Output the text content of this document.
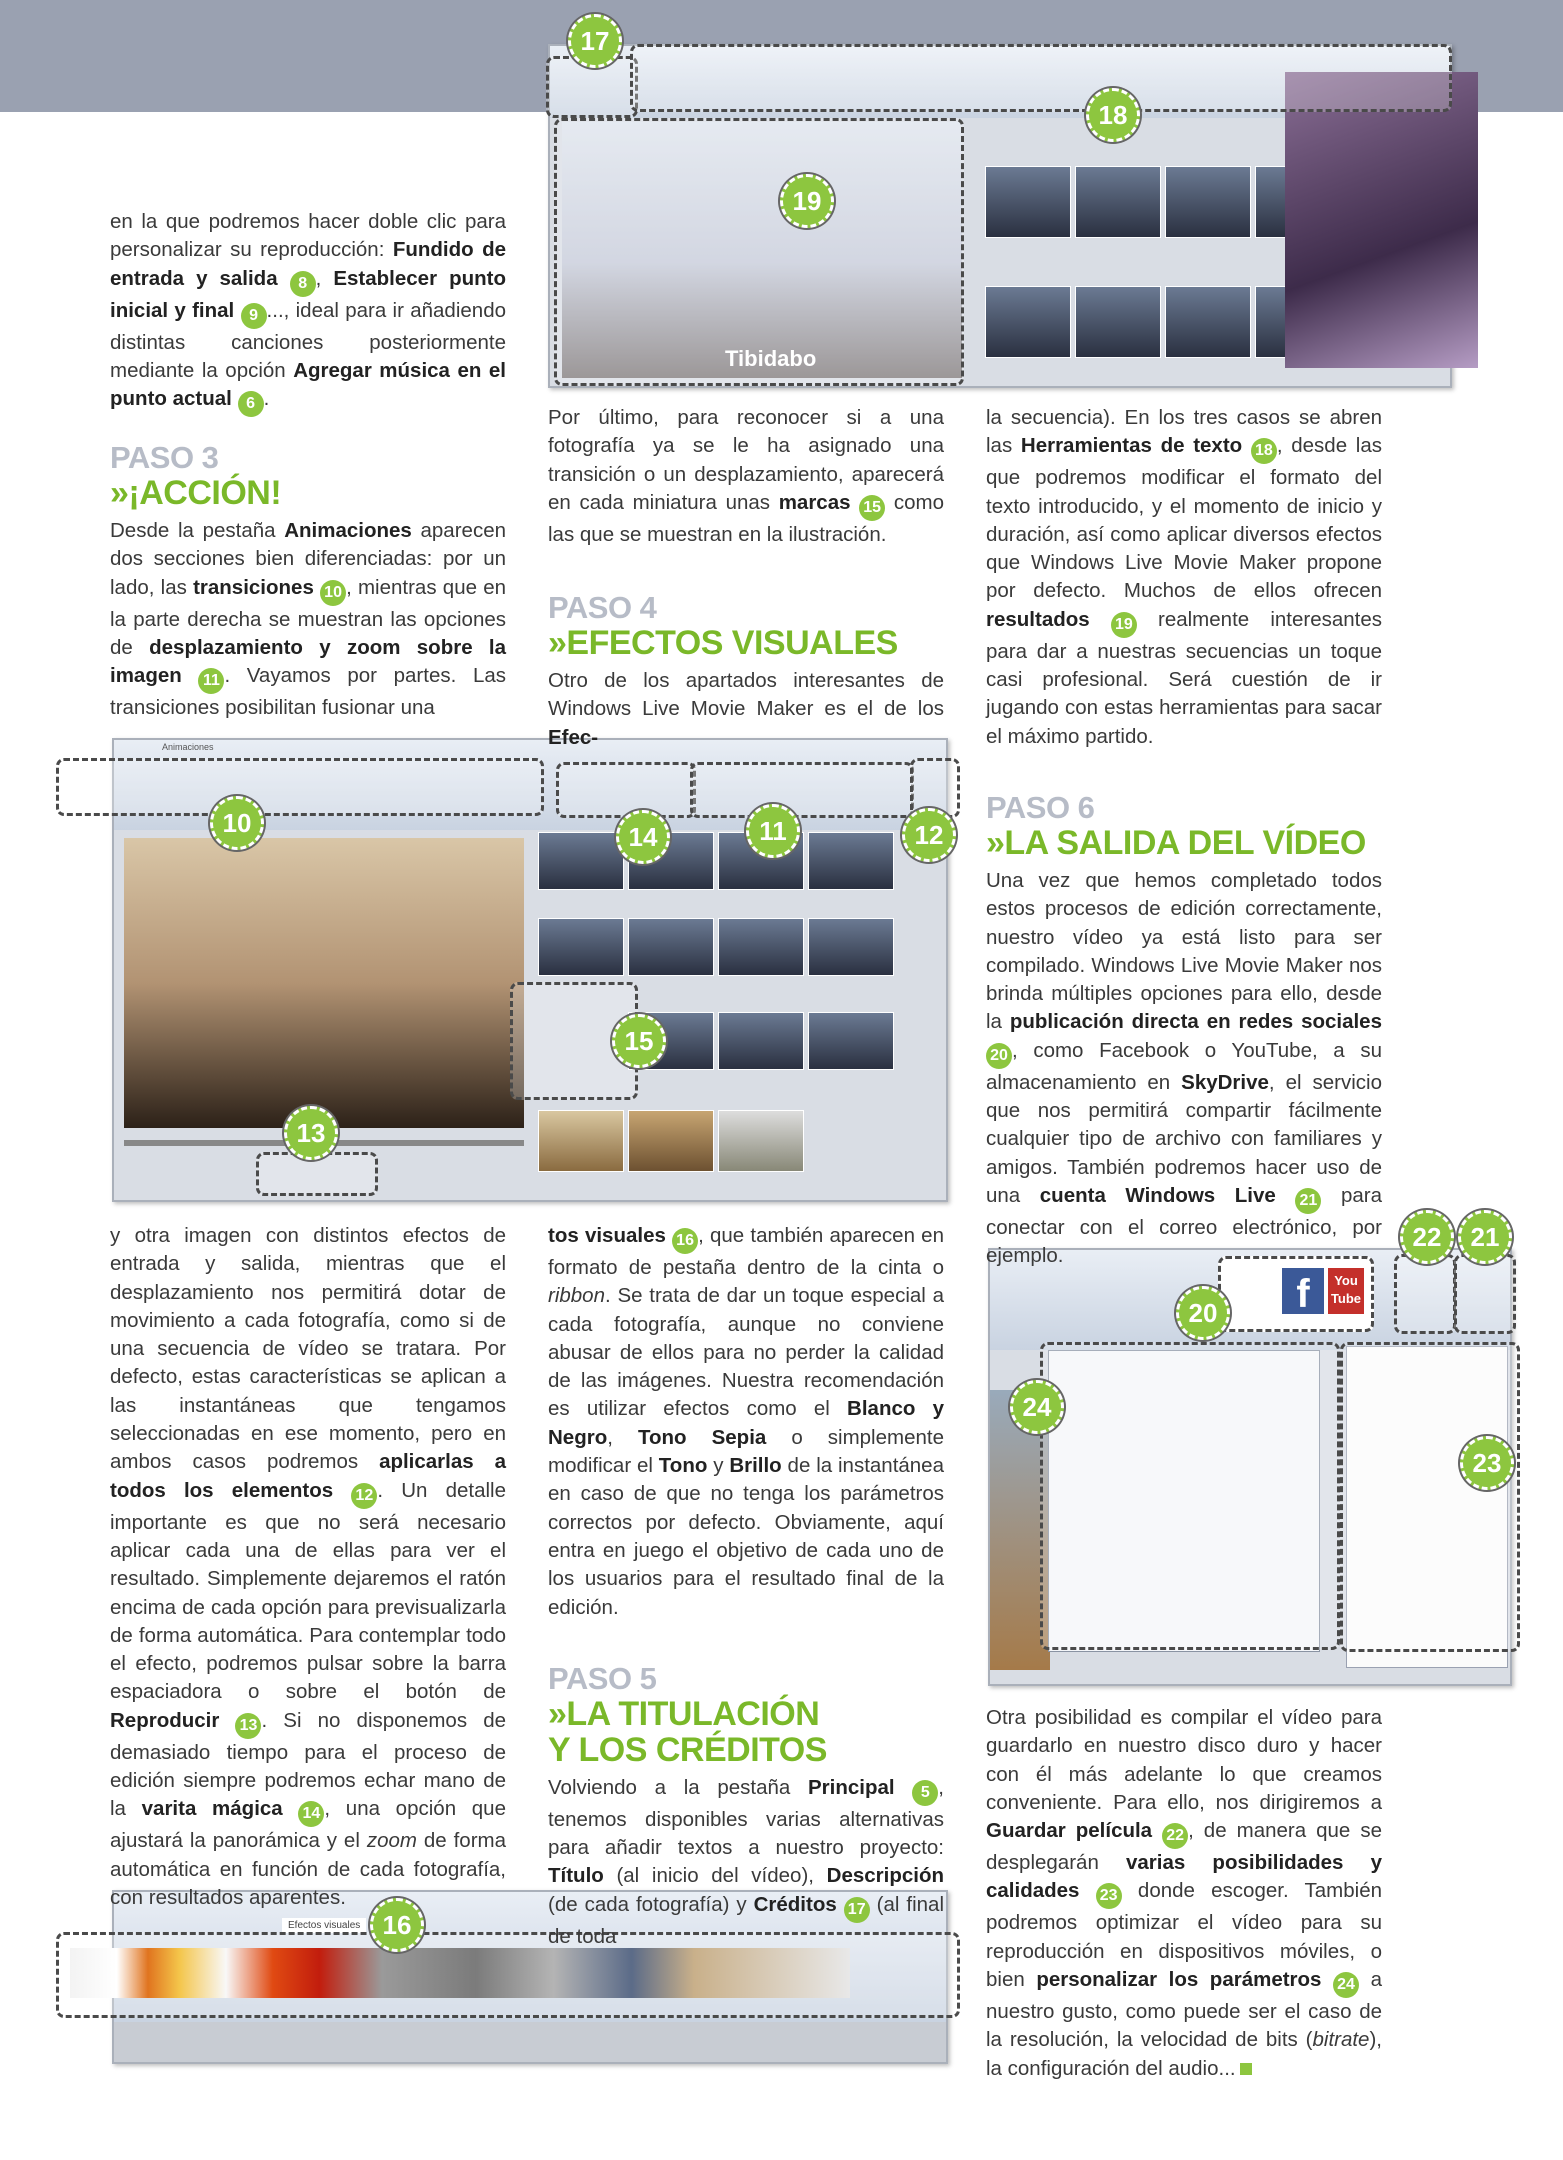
Tibidabo
17
18
19
Animaciones
10	14	11	12
15
13
Efectos visuales 16
f	You Tube
22	21
20
24
23

en la que podremos hacer doble clic para personalizar su reproducción: Fundido de entrada y salida 8 , Establecer punto inicial y final 9 ..., ideal para ir añadiendo distintas canciones posteriormente mediante la opción Agregar música en el punto actual 6 .

PASO 3
»¡ACCIÓN!

Desde la pestaña Animaciones aparecen dos secciones bien diferenciadas: por un lado, las transiciones 10 , mientras que en la parte derecha se muestran las opciones de desplazamiento y zoom sobre la imagen 11 . Vayamos por partes. Las transiciones posibilitan fusionar una

y otra imagen con distintos efectos de entrada y salida, mientras que el desplazamiento nos permitirá dotar de movimiento a cada fotografía, como si de una secuencia de vídeo se tratara. Por defecto, estas características se aplican a las instantáneas que tengamos seleccionadas en ese momento, pero en ambos casos podremos aplicarlas a todos los elementos 12 . Un detalle importante es que no será necesario aplicar cada una de ellas para ver el resultado. Simplemente dejaremos el ratón encima de cada opción para previsualizarla de forma automática. Para contemplar todo el efecto, podremos pulsar sobre la barra espaciadora o sobre el botón de Reproducir 13 . Si no disponemos de demasiado tiempo para el proceso de edición siempre podremos echar mano de la varita mágica 14 , una opción que ajustará la panorámica y el zoom de forma automática en función de cada fotografía, con resultados aparentes.

Por último, para reconocer si a una fotografía ya se le ha asignado una transición o un desplazamiento, aparecerá en cada miniatura unas marcas 15 como las que se muestran en la ilustración.

PASO 4
»EFECTOS VISUALES

Otro de los apartados interesantes de Windows Live Movie Maker es el de los Efec-

tos visuales 16 , que también aparecen en formato de pestaña dentro de la cinta o ribbon. Se trata de dar un toque especial a cada fotografía, aunque no conviene abusar de ellos para no perder la calidad de las imágenes. Nuestra recomendación es utilizar efectos como el Blanco y Negro, Tono Sepia o simplemente modificar el Tono y Brillo de la instantánea en caso de que no tenga los parámetros correctos por defecto. Obviamente, aquí entra en juego el objetivo de cada uno de los usuarios para el resultado final de la edición.

PASO 5
»LA TITULACIÓN
Y LOS CRÉDITOS

Volviendo a la pestaña Principal 5 , tenemos disponibles varias alternativas para añadir textos a nuestro proyecto: Título (al inicio del vídeo), Descripción (de cada fotografía) y Créditos 17 (al final de toda

la secuencia). En los tres casos se abren las Herramientas de texto 18 , desde las que podremos modificar el formato del texto introducido, y el momento de inicio y duración, así como aplicar diversos efectos que Windows Live Movie Maker propone por defecto. Muchos de ellos ofrecen resultados 19 realmente interesantes para dar a nuestras secuencias un toque casi profesional. Será cuestión de ir jugando con estas herramientas para sacar el máximo partido.

PASO 6
»LA SALIDA DEL VÍDEO

Una vez que hemos completado todos estos procesos de edición correctamente, nuestro vídeo ya está listo para ser compilado. Windows Live Movie Maker nos brinda múltiples opciones para ello, desde la publicación directa en redes sociales 20 , como Facebook o YouTube, a su almacenamiento en SkyDrive, el servicio que nos permitirá compartir fácilmente cualquier tipo de archivo con familiares y amigos. También podremos hacer uso de una cuenta Windows Live 21 para conectar con el correo electrónico, por ejemplo.

Otra posibilidad es compilar el vídeo para guardarlo en nuestro disco duro y hacer con él más adelante lo que creamos conveniente. Para ello, nos dirigiremos a Guardar película 22 , de manera que se desplegarán varias posibilidades y calidades 23 donde escoger. También podremos optimizar el vídeo para su reproducción en dispositivos móviles, o bien personalizar los parámetros 24 a nuestro gusto, como puede ser el caso de la resolución, la velocidad de bits (bitrate), la configuración del audio...
